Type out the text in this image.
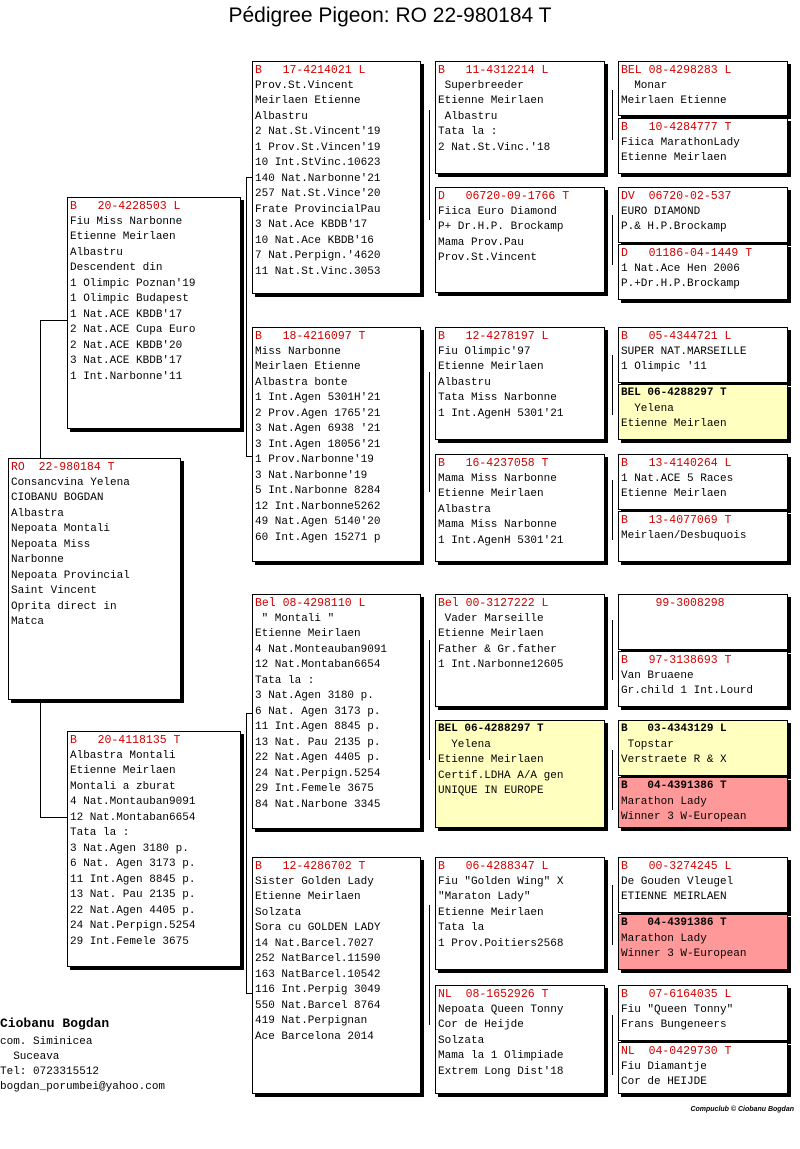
Pédigree Pigeon: RO 22-980184 T
RO  22-980184 T
Consancvina Yelena
CIOBANU BOGDAN
Albastra
Nepoata Montali
Nepoata Miss
Narbonne
Nepoata Provincial
Saint Vincent
Oprita direct in
Matca
B   20-4228503 L
Fiu Miss Narbonne
Etienne Meirlaen
Albastru
Descendent din
1 Olimpic Poznan'19
1 Olimpic Budapest
1 Nat.ACE KBDB'17
2 Nat.ACE Cupa Euro
2 Nat.ACE KBDB'20
3 Nat.ACE KBDB'17
1 Int.Narbonne'11
B   20-4118135 T
Albastra Montali
Etienne Meirlaen
Montali a zburat
4 Nat.Montauban9091
12 Nat.Montaban6654
Tata la :
3 Nat.Agen 3180 p.
6 Nat. Agen 3173 p.
11 Int.Agen 8845 p.
13 Nat. Pau 2135 p.
22 Nat.Agen 4405 p.
24 Nat.Perpign.5254
29 Int.Femele 3675
B   17-4214021 L
Prov.St.Vincent
Meirlaen Etienne
Albastru
2 Nat.St.Vincent'19
1 Prov.St.Vincen'19
10 Int.StVinc.10623
140 Nat.Narbonne'21
257 Nat.St.Vince'20
Frate ProvincialPau
3 Nat.Ace KBDB'17
10 Nat.Ace KBDB'16
7 Nat.Perpign.'4620
11 Nat.St.Vinc.3053
B   18-4216097 T
Miss Narbonne
Meirlaen Etienne
Albastra bonte
1 Int.Agen 5301H'21
2 Prov.Agen 1765'21
3 Nat.Agen 6938 '21
3 Int.Agen 18056'21
1 Prov.Narbonne'19
3 Nat.Narbonne'19
5 Int.Narbonne 8284
12 Int.Narbonne5262
49 Nat.Agen 5140'20
60 Int.Agen 15271 p
Bel 08-4298110 L
" Montali "
Etienne Meirlaen
4 Nat.Monteauban9091
12 Nat.Montaban6654
Tata la :
3 Nat.Agen 3180 p.
6 Nat. Agen 3173 p.
11 Int.Agen 8845 p.
13 Nat. Pau 2135 p.
22 Nat.Agen 4405 p.
24 Nat.Perpign.5254
29 Int.Femele 3675
84 Nat.Narbone 3345
B   12-4286702 T
Sister Golden Lady
Etienne Meirlaen
Solzata
Sora cu GOLDEN LADY
14 Nat.Barcel.7027
252 NatBarcel.11590
163 NatBarcel.10542
116 Int.Perpig 3049
550 Nat.Barcel 8764
419 Nat.Perpignan
Ace Barcelona 2014
B   11-4312214 L
Superbreeder
Etienne Meirlaen
Albastru
Tata la :
2 Nat.St.Vinc.'18
D   06720-09-1766 T
Fiica Euro Diamond
P+ Dr.H.P. Brockamp
Mama Prov.Pau
Prov.St.Vincent
B   12-4278197 L
Fiu Olimpic'97
Etienne Meirlaen
Albastru
Tata Miss Narbonne
1 Int.AgenH 5301'21
B   16-4237058 T
Mama Miss Narbonne
Etienne Meirlaen
Albastra
Mama Miss Narbonne
1 Int.AgenH 5301'21
Bel 00-3127222 L
Vader Marseille
Etienne Meirlaen
Father & Gr.father
1 Int.Narbonne12605
BEL 06-4288297 T
Yelena
Etienne Meirlaen
Certif.LDHA A/A gen
UNIQUE IN EUROPE
B   06-4288347 L
Fiu "Golden Wing" X
"Maraton Lady"
Etienne Meirlaen
Tata la
1 Prov.Poitiers2568
NL  08-1652926 T
Nepoata Queen Tonny
Cor de Heijde
Solzata
Mama la 1 Olimpiade
Extrem Long Dist'18
BEL 08-4298283 L
Monar
Meirlaen Etienne
B   10-4284777 T
Fiica MarathonLady
Etienne Meirlaen
DV  06720-02-537
EURO DIAMOND
P.& H.P.Brockamp
D   01186-04-1449 T
1 Nat.Ace Hen 2006
P.+Dr.H.P.Brockamp
B   05-4344721 L
SUPER NAT.MARSEILLE
1 Olimpic '11
BEL 06-4288297 T
Yelena
Etienne Meirlaen
B   13-4140264 L
1 Nat.ACE 5 Races
Etienne Meirlaen
B   13-4077069 T
Meirlaen/Desbuquois
99-3008298
B   97-3138693 T
Van Bruaene
Gr.child 1 Int.Lourd
B   03-4343129 L
Topstar
Verstraete R & X
B   04-4391386 T
Marathon Lady
Winner 3 W-European
B   00-3274245 L
De Gouden Vleugel
ETIENNE MEIRLAEN
B   04-4391386 T
Marathon Lady
Winner 3 W-European
B   07-6164035 L
Fiu "Queen Tonny"
Frans Bungeneers
NL  04-0429730 T
Fiu Diamantje
Cor de HEIJDE
Ciobanu Bogdan
com. Siminicea
Suceava
Tel: 0723315512
bogdan_porumbei@yahoo.com
Compuclub © Ciobanu Bogdan
